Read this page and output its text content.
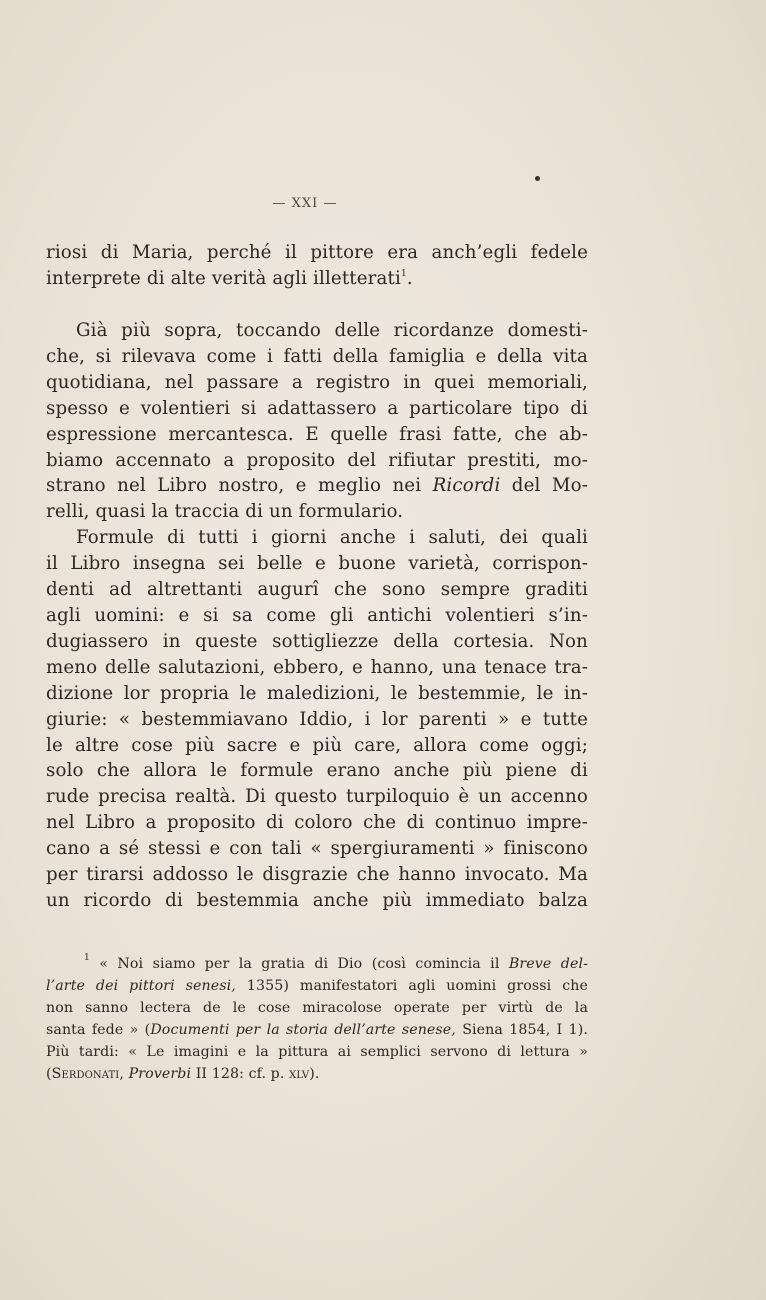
— XXI —
riosi di Maria, perché il pittore era anch’egli fedele
interprete di alte verità agli illetterati$^1$.
Già più sopra, toccando delle ricordanze domesti-
che, si rilevava come i fatti della famiglia e della vita
quotidiana, nel passare a registro in quei memoriali,
spesso e volentieri si adattassero a particolare tipo di
espressione mercantesca. E quelle frasi fatte, che ab-
biamo accennato a proposito del rifiutar prestiti, mo-
strano nel Libro nostro, e meglio nei Ricordi del Mo-
relli, quasi la traccia di un formulario.
Formule di tutti i giorni anche i saluti, dei quali
il Libro insegna sei belle e buone varietà, corrispon-
denti ad altrettanti augurî che sono sempre graditi
agli uomini: e si sa come gli antichi volentieri s’in-
dugiassero in queste sottigliezze della cortesia. Non
meno delle salutazioni, ebbero, e hanno, una tenace tra-
dizione lor propria le maledizioni, le bestemmie, le in-
giurie: « bestemmiavano Iddio, i lor parenti » e tutte
le altre cose più sacre e più care, allora come oggi;
solo che allora le formule erano anche più piene di
rude precisa realtà. Di questo turpiloquio è un accenno
nel Libro a proposito di coloro che di continuo impre-
cano a sé stessi e con tali « spergiuramenti » finiscono
per tirarsi addosso le disgrazie che hanno invocato. Ma
un ricordo di bestemmia anche più immediato balza
$^1$ « Noi siamo per la gratia di Dio (così comincia il Breve del-
l’arte dei pittori senesi, 1355) manifestatori agli uomini grossi che
non sanno lectera de le cose miracolose operate per virtù de la
santa fede » (Documenti per la storia dell’arte senese, Siena 1854, I 1).
Più tardi: « Le imagini e la pittura ai semplici servono di lettura »
(Serdonati, Proverbi II 128: cf. p. xlv).
